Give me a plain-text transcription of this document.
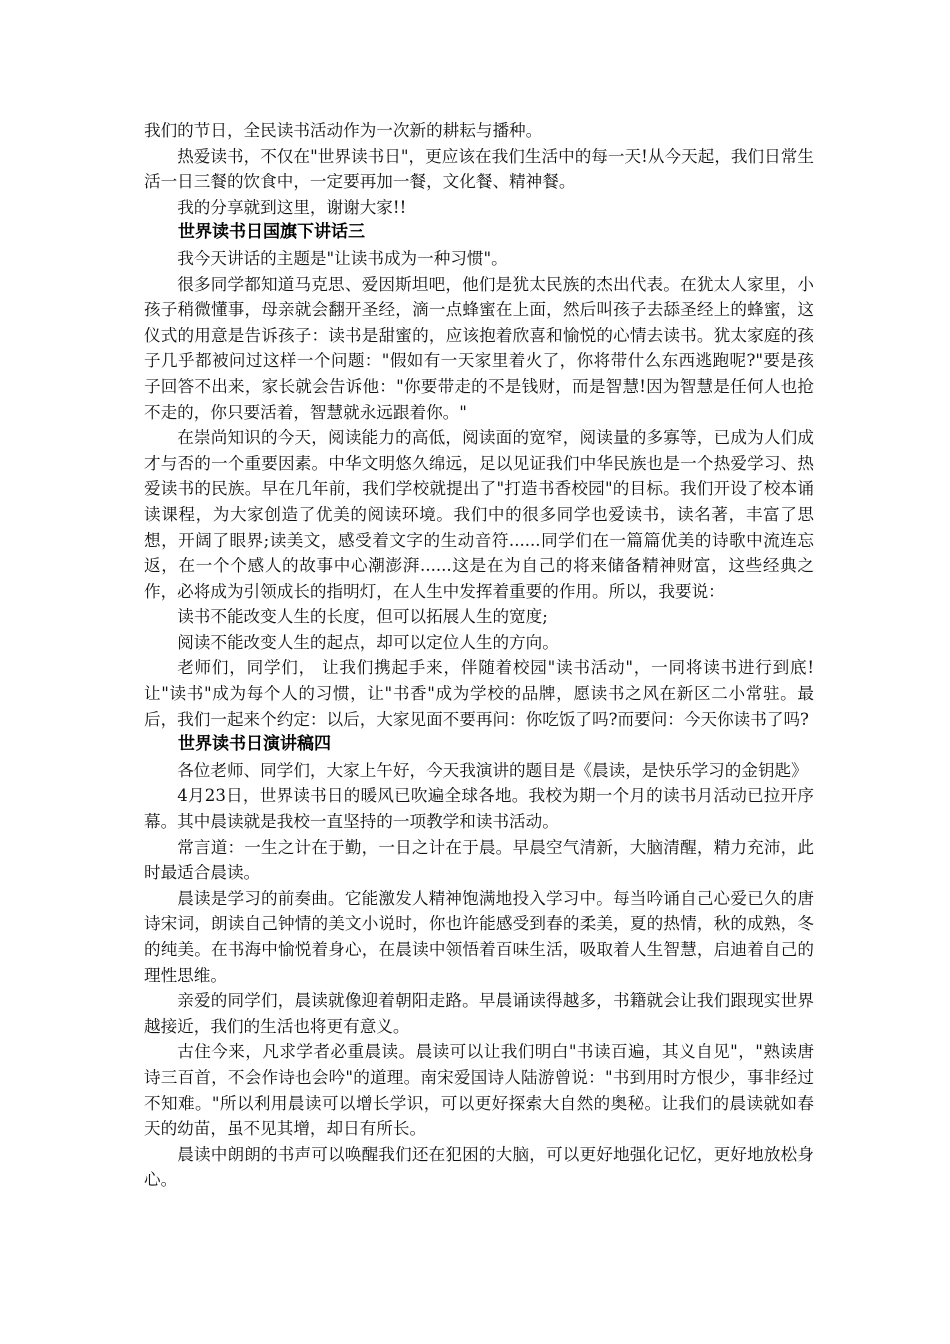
我们的节日，全民读书活动作为一次新的耕耘与播种。

热爱读书，不仅在"世界读书日"，更应该在我们生活中的每一天!从今天起，我们日常生活一日三餐的饮食中，一定要再加一餐，文化餐、精神餐。

我的分享就到这里，谢谢大家!!

世界读书日国旗下讲话三

我今天讲话的主题是"让读书成为一种习惯"。

很多同学都知道马克思、爱因斯坦吧，他们是犹太民族的杰出代表。在犹太人家里，小孩子稍微懂事，母亲就会翻开圣经，滴一点蜂蜜在上面，然后叫孩子去舔圣经上的蜂蜜，这仪式的用意是告诉孩子：读书是甜蜜的，应该抱着欣喜和愉悦的心情去读书。犹太家庭的孩子几乎都被问过这样一个问题："假如有一天家里着火了，你将带什么东西逃跑呢?"要是孩子回答不出来，家长就会告诉他："你要带走的不是钱财，而是智慧!因为智慧是任何人也抢不走的，你只要活着，智慧就永远跟着你。"

在崇尚知识的今天，阅读能力的高低，阅读面的宽窄，阅读量的多寡等，已成为人们成才与否的一个重要因素。中华文明悠久绵远，足以见证我们中华民族也是一个热爱学习、热爱读书的民族。早在几年前，我们学校就提出了"打造书香校园"的目标。我们开设了校本诵读课程，为大家创造了优美的阅读环境。我们中的很多同学也爱读书，读名著，丰富了思想，开阔了眼界;读美文，感受着文字的生动音符......同学们在一篇篇优美的诗歌中流连忘返，在一个个感人的故事中心潮澎湃......这是在为自己的将来储备精神财富，这些经典之作，必将成为引领成长的指明灯，在人生中发挥着重要的作用。所以，我要说：

读书不能改变人生的长度，但可以拓展人生的宽度;

阅读不能改变人生的起点，却可以定位人生的方向。

老师们，同学们， 让我们携起手来，伴随着校园"读书活动"，一同将读书进行到底!让"读书"成为每个人的习惯，让"书香"成为学校的品牌，愿读书之风在新区二小常驻。最后，我们一起来个约定：以后，大家见面不要再问：你吃饭了吗?而要问：今天你读书了吗?

世界读书日演讲稿四

各位老师、同学们，大家上午好，今天我演讲的题目是《晨读，是快乐学习的金钥匙》

4月23日，世界读书日的暖风已吹遍全球各地。我校为期一个月的读书月活动已拉开序幕。其中晨读就是我校一直坚持的一项教学和读书活动。

常言道：一生之计在于勤，一日之计在于晨。早晨空气清新，大脑清醒，精力充沛，此时最适合晨读。

晨读是学习的前奏曲。它能激发人精神饱满地投入学习中。每当吟诵自己心爱已久的唐诗宋词，朗读自己钟情的美文小说时，你也许能感受到春的柔美，夏的热情，秋的成熟，冬的纯美。在书海中愉悦着身心，在晨读中领悟着百味生活，吸取着人生智慧，启迪着自己的理性思维。

亲爱的同学们，晨读就像迎着朝阳走路。早晨诵读得越多，书籍就会让我们跟现实世界越接近，我们的生活也将更有意义。

古住今来，凡求学者必重晨读。晨读可以让我们明白"书读百遍，其义自见"，"熟读唐诗三百首，不会作诗也会吟"的道理。南宋爱国诗人陆游曾说："书到用时方恨少，事非经过不知难。"所以利用晨读可以增长学识，可以更好探索大自然的奥秘。让我们的晨读就如春天的幼苗，虽不见其增，却日有所长。

晨读中朗朗的书声可以唤醒我们还在犯困的大脑，可以更好地强化记忆，更好地放松身心。
